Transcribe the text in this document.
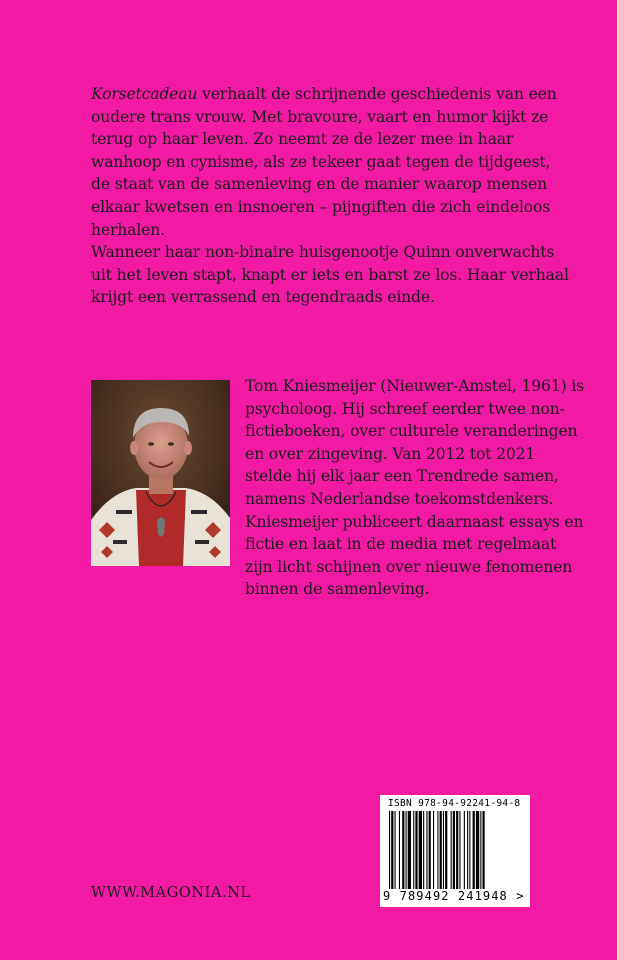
Korsetcadeau verhaalt de schrijnende geschiedenis van een oudere trans vrouw. Met bravoure, vaart en humor kijkt ze terug op haar leven. Zo neemt ze de lezer mee in haar wanhoop en cynisme, als ze tekeer gaat tegen de tijdgeest, de staat van de samenleving en de manier waarop mensen elkaar kwetsen en insnoeren – pijngiften die zich eindeloos herhalen.

Wanneer haar non-binaire huisgenootje Quinn onverwachts uit het leven stapt, knapt er iets en barst ze los. Haar verhaal krijgt een verrassend en tegendraads einde.

Tom Kniesmeijer (Nieuwer-Amstel, 1961) is psycholoog. Hij schreef eerder twee non-fictieboeken, over culturele veranderingen en over zingeving. Van 2012 tot 2021 stelde hij elk jaar een Trendrede samen, namens Nederlandse toekomstdenkers. Kniesmeijer publiceert daarnaast essays en fictie en laat in de media met regelmaat zijn licht schijnen over nieuwe fenomenen binnen de samenleving.

WWW.MAGONIA.NL
ISBN 978-94-92241-94-8
9 789492 241948 >
